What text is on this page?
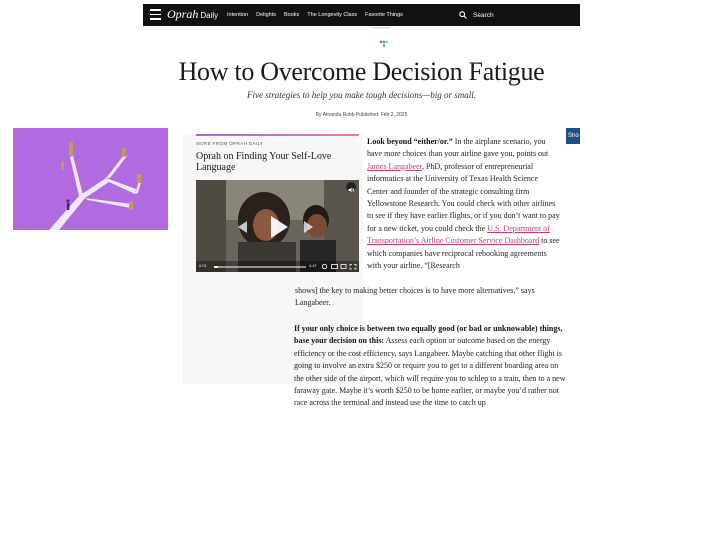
Oprah Daily Intention Delights Books The Longevity Class Favorite Things	Search
How to Overcome Decision Fatigue
Five strategies to help you make tough decisions—big or small.
By Amanda Robb Published: Feb 2, 2025
Sho
MORE FROM OPRAH DAILY
Oprah on Finding Your Self-Love Language
0:01	4:47
Look beyond “either/or.” In the airplane scenario, you have more choices than your airline gave you, points out James Langabeer, PhD, professor of entrepreneurial informatics at the University of Texas Health Science Center and founder of the strategic consulting firm Yellowstone Research. You could check with other airlines to see if they have earlier flights, or if you don’t want to pay for a new ticket, you could check the U.S. Department of Transportation’s Airline Customer Service Dashboard to see which companies have reciprocal rebooking agreements with your airline. “[Research
shows] the key to making better choices is to have more alternatives,” says Langabeer.
If your only choice is between two equally good (or bad or unknowable) things, base your decision on this: Assess each option or outcome based on the energy efficiency or the cost efficiency, says Langabeer. Maybe catching that other flight is going to involve an extra $250 or require you to get to a different boarding area on the other side of the airport, which will require you to schlep to a train, then to a new faraway gate. Maybe it’s worth $250 to be home earlier, or maybe you’d rather not race across the terminal and instead use the time to catch up
